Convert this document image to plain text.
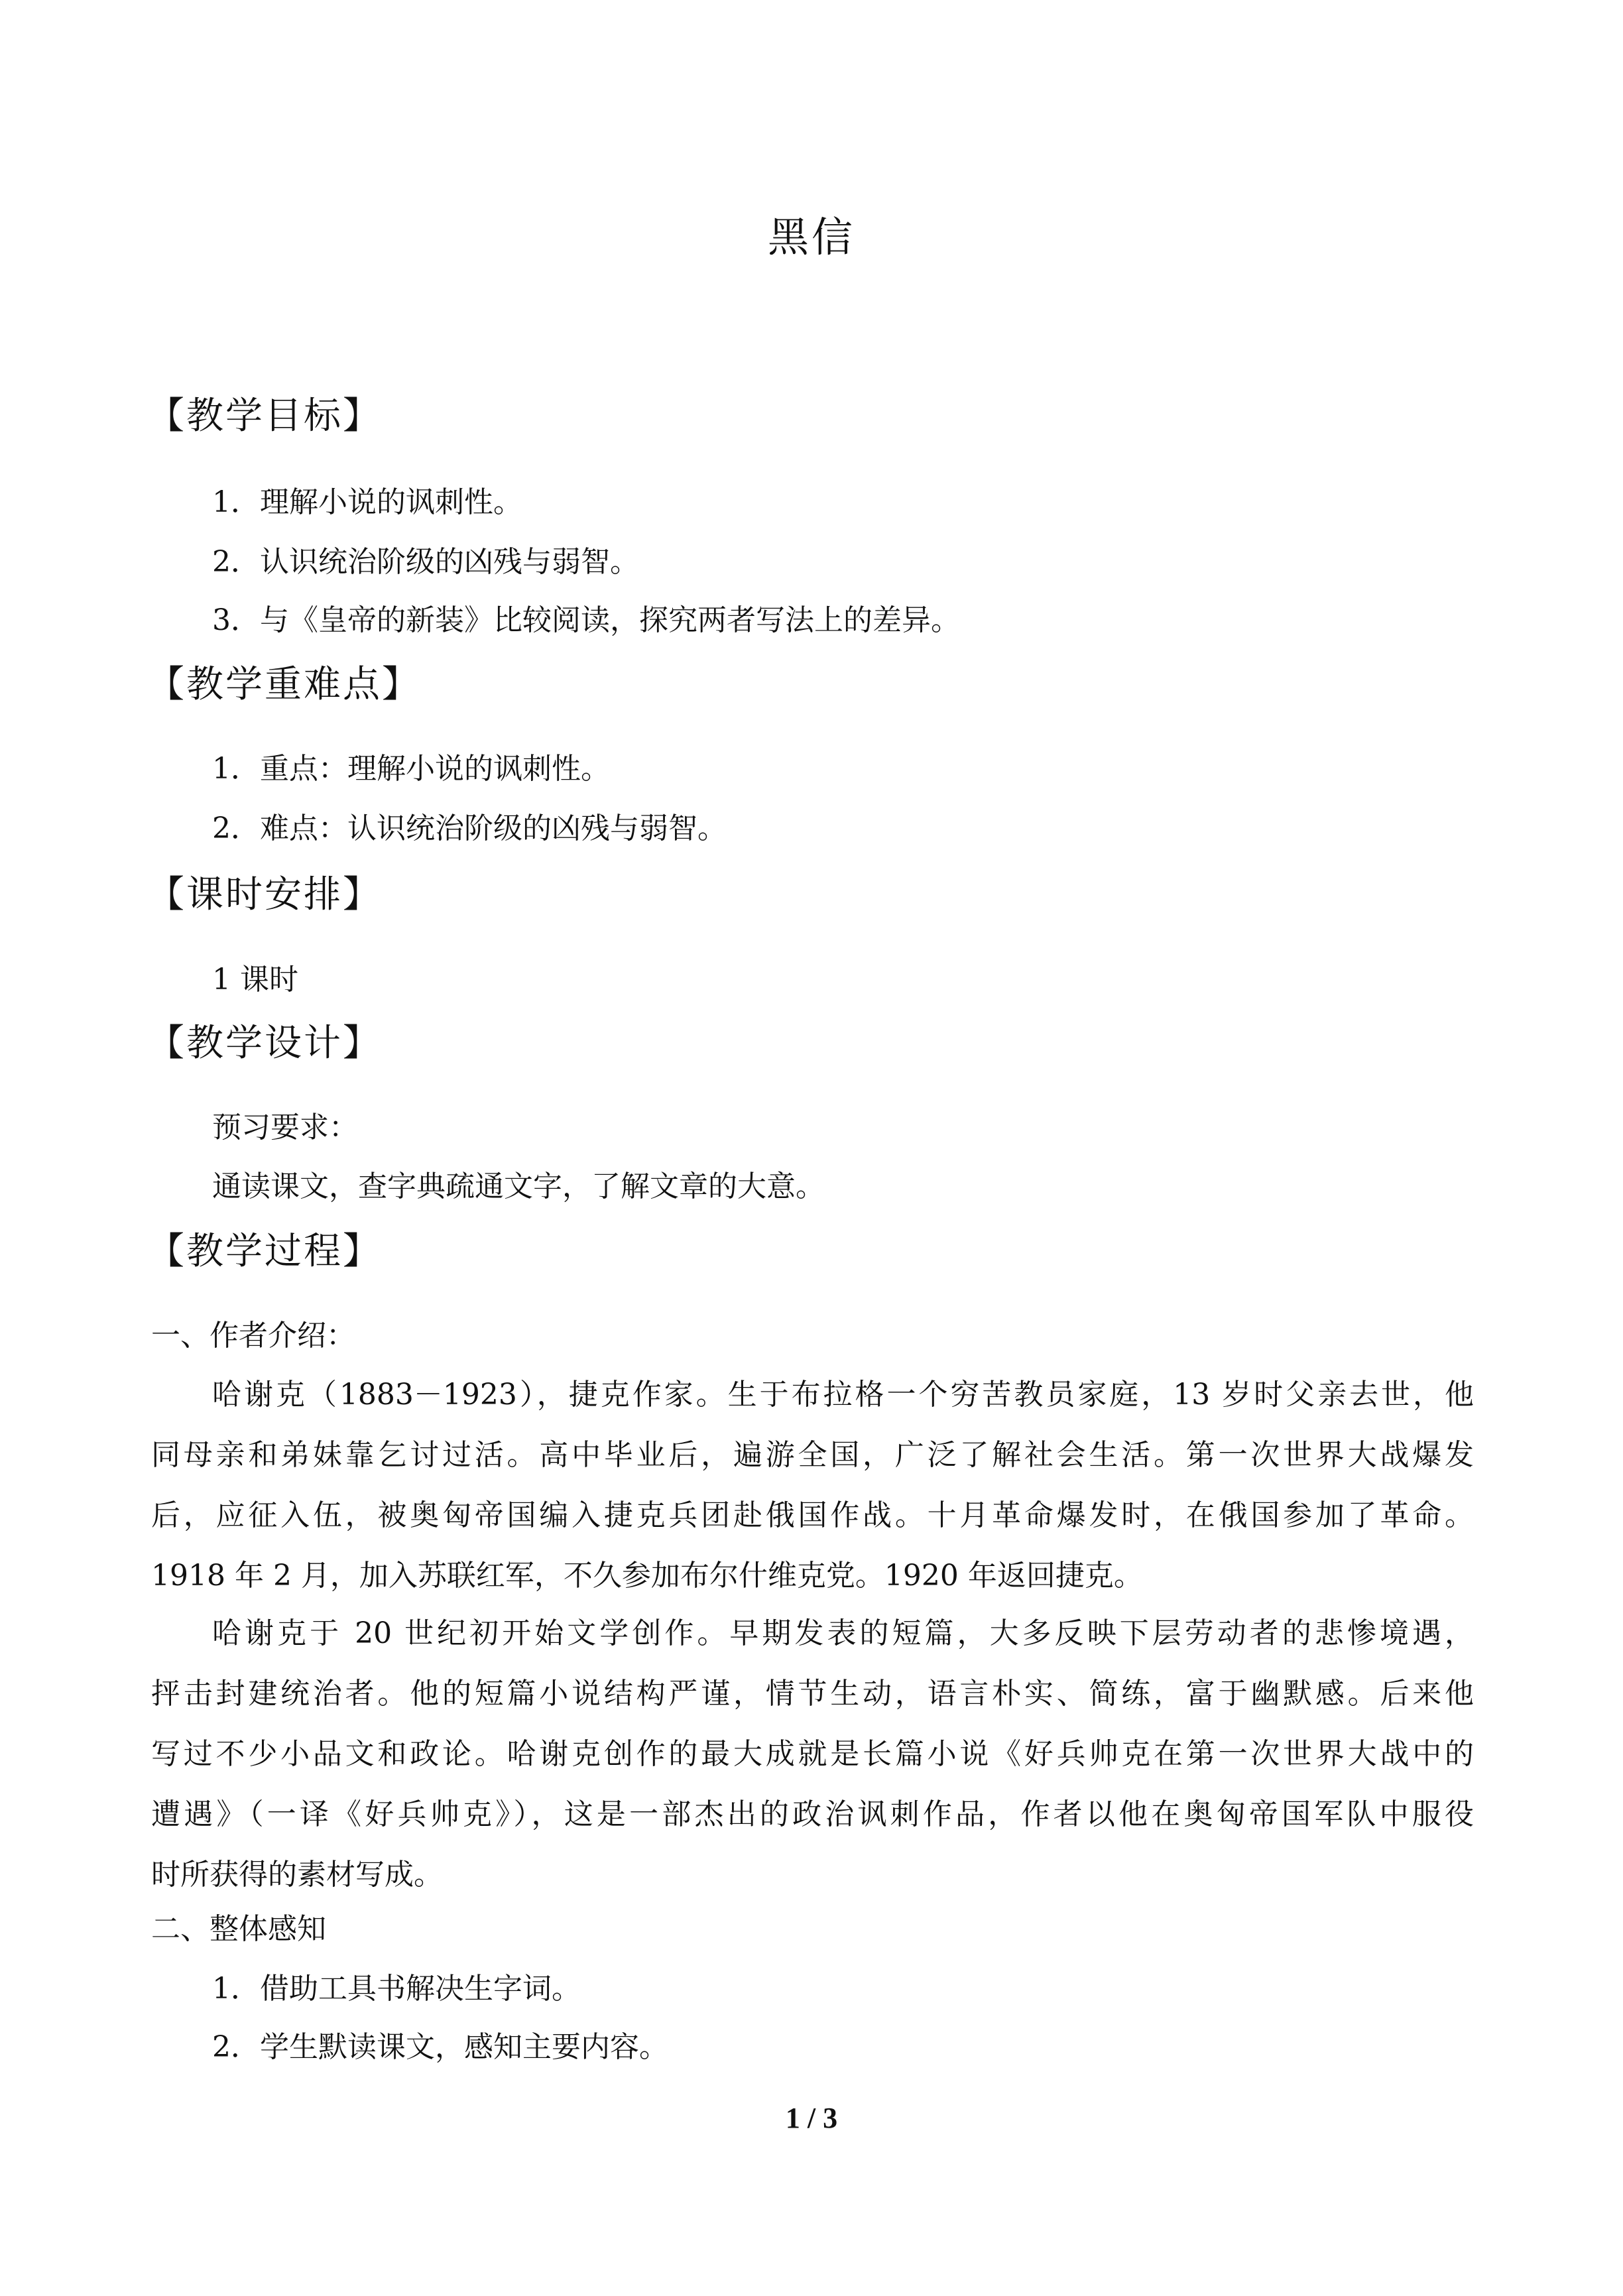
黑信
【教学目标】
1．理解小说的讽刺性。
2．认识统治阶级的凶残与弱智。
3．与《皇帝的新装》比较阅读，探究两者写法上的差异。
【教学重难点】
1．重点：理解小说的讽刺性。
2．难点：认识统治阶级的凶残与弱智。
【课时安排】
1 课时
【教学设计】
预习要求：
通读课文，查字典疏通文字，了解文章的大意。
【教学过程】
一、作者介绍：
哈谢克（1883－1923），捷克作家。生于布拉格一个穷苦教员家庭，13 岁时父亲去世，他
同母亲和弟妹靠乞讨过活。高中毕业后，遍游全国，广泛了解社会生活。第一次世界大战爆发
后，应征入伍，被奥匈帝国编入捷克兵团赴俄国作战。十月革命爆发时，在俄国参加了革命。
1918 年 2 月，加入苏联红军，不久参加布尔什维克党。1920 年返回捷克。
哈谢克于 20 世纪初开始文学创作。早期发表的短篇，大多反映下层劳动者的悲惨境遇，
抨击封建统治者。他的短篇小说结构严谨，情节生动，语言朴实、简练，富于幽默感。后来他
写过不少小品文和政论。哈谢克创作的最大成就是长篇小说《好兵帅克在第一次世界大战中的
遭遇》（一译《好兵帅克》），这是一部杰出的政治讽刺作品，作者以他在奥匈帝国军队中服役
时所获得的素材写成。
二、整体感知
1．借助工具书解决生字词。
2．学生默读课文，感知主要内容。
1 / 3
